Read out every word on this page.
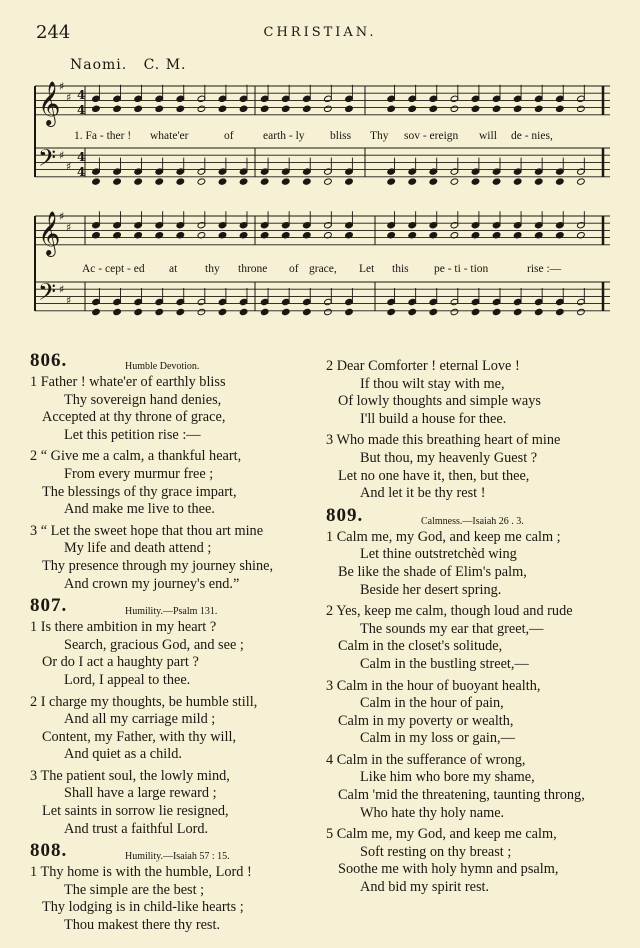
244	CHRISTIAN.
Naomi. C. M.
𝄞
♯
♯
𝄢 ♯
♯
𝄞
♯
♯
𝄢 ♯
♯
4
4
4
4
1. Fa - ther ! whate'er	of	earth - ly bliss Thy sov - ereign will de - nies,
Ac - cept - ed at thy throne of grace, Let this pe - ti - tion	rise :—
806.	Humble Devotion.
1 Father ! whate'er of earthly bliss
Thy sovereign hand denies,
Accepted at thy throne of grace,
Let this petition rise :—
2 “ Give me a calm, a thankful heart,
From every murmur free ;
The blessings of thy grace impart,
And make me live to thee.
3 “ Let the sweet hope that thou art mine
My life and death attend ;
Thy presence through my journey shine,
And crown my journey's end.”
807.	Humility.—Psalm 131.
1 Is there ambition in my heart ?
Search, gracious God, and see ;
Or do I act a haughty part ?
Lord, I appeal to thee.
2 I charge my thoughts, be humble still,
And all my carriage mild ;
Content, my Father, with thy will,
And quiet as a child.
3 The patient soul, the lowly mind,
Shall have a large reward ;
Let saints in sorrow lie resigned,
And trust a faithful Lord.
808.	Humility.—Isaiah 57 : 15.
1 Thy home is with the humble, Lord !
The simple are the best ;
Thy lodging is in child-like hearts ;
Thou makest there thy rest.
2 Dear Comforter ! eternal Love !
If thou wilt stay with me,
Of lowly thoughts and simple ways
I'll build a house for thee.
3 Who made this breathing heart of mine
But thou, my heavenly Guest ?
Let no one have it, then, but thee,
And let it be thy rest !
809.	Calmness.—Isaiah 26 . 3.
1 Calm me, my God, and keep me calm ;
Let thine outstretchèd wing
Be like the shade of Elim's palm,
Beside her desert spring.
2 Yes, keep me calm, though loud and rude
The sounds my ear that greet,—
Calm in the closet's solitude,
Calm in the bustling street,—
3 Calm in the hour of buoyant health,
Calm in the hour of pain,
Calm in my poverty or wealth,
Calm in my loss or gain,—
4 Calm in the sufferance of wrong,
Like him who bore my shame,
Calm 'mid the threatening, taunting throng,
Who hate thy holy name.
5 Calm me, my God, and keep me calm,
Soft resting on thy breast ;
Soothe me with holy hymn and psalm,
And bid my spirit rest.
